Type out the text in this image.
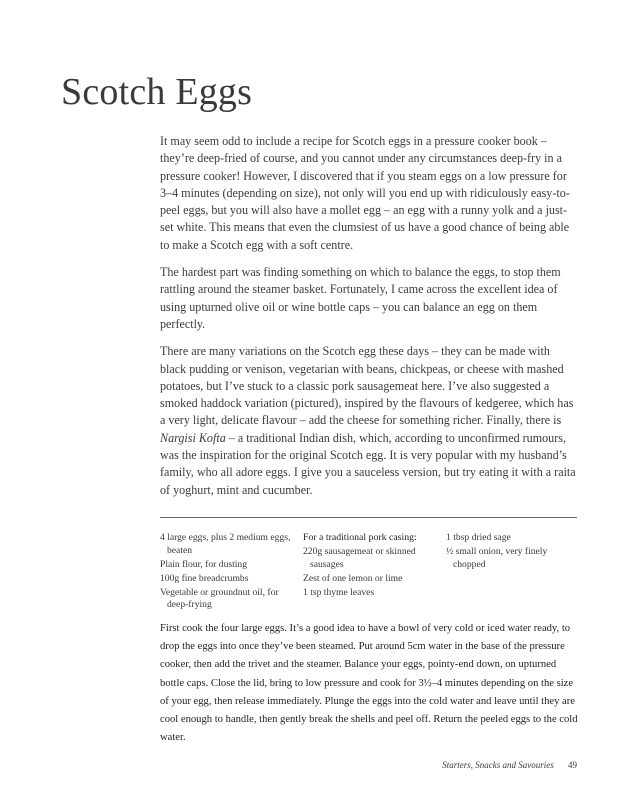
Scotch Eggs

It may seem odd to include a recipe for Scotch eggs in a pressure cooker book – they’re deep-fried of course, and you cannot under any circumstances deep-fry in a pressure cooker! However, I discovered that if you steam eggs on a low pressure for 3–4 minutes (depending on size), not only will you end up with ridiculously easy-to-peel eggs, but you will also have a mollet egg – an egg with a runny yolk and a just-set white. This means that even the clumsiest of us have a good chance of being able to make a Scotch egg with a soft centre.

The hardest part was finding something on which to balance the eggs, to stop them rattling around the steamer basket. Fortunately, I came across the excellent idea of using upturned olive oil or wine bottle caps – you can balance an egg on them perfectly.

There are many variations on the Scotch egg these days – they can be made with black pudding or venison, vegetarian with beans, chickpeas, or cheese with mashed potatoes, but I’ve stuck to a classic pork sausagemeat here. I’ve also suggested a smoked haddock variation (pictured), inspired by the flavours of kedgeree, which has a very light, delicate flavour – add the cheese for something richer. Finally, there is Nargisi Kofta – a traditional Indian dish, which, according to unconfirmed rumours, was the inspiration for the original Scotch egg. It is very popular with my husband’s family, who all adore eggs. I give you a sauceless version, but try eating it with a raita of yoghurt, mint and cucumber.

4 large eggs, plus 2 medium eggs, beaten
Plain flour, for dusting
100g fine breadcrumbs
Vegetable or groundnut oil, for deep-frying
For a traditional pork casing:
220g sausagemeat or skinned sausages
Zest of one lemon or lime
1 tsp thyme leaves
1 tbsp dried sage
½ small onion, very finely chopped

First cook the four large eggs. It’s a good idea to have a bowl of very cold or iced water ready, to drop the eggs into once they’ve been steamed. Put around 5cm water in the base of the pressure cooker, then add the trivet and the steamer. Balance your eggs, pointy-end down, on upturned bottle caps. Close the lid, bring to low pressure and cook for 3½–4 minutes depending on the size of your egg, then release immediately. Plunge the eggs into the cold water and leave until they are cool enough to handle, then gently break the shells and peel off. Return the peeled eggs to the cold water.

Starters, Snacks and Savouries 49
